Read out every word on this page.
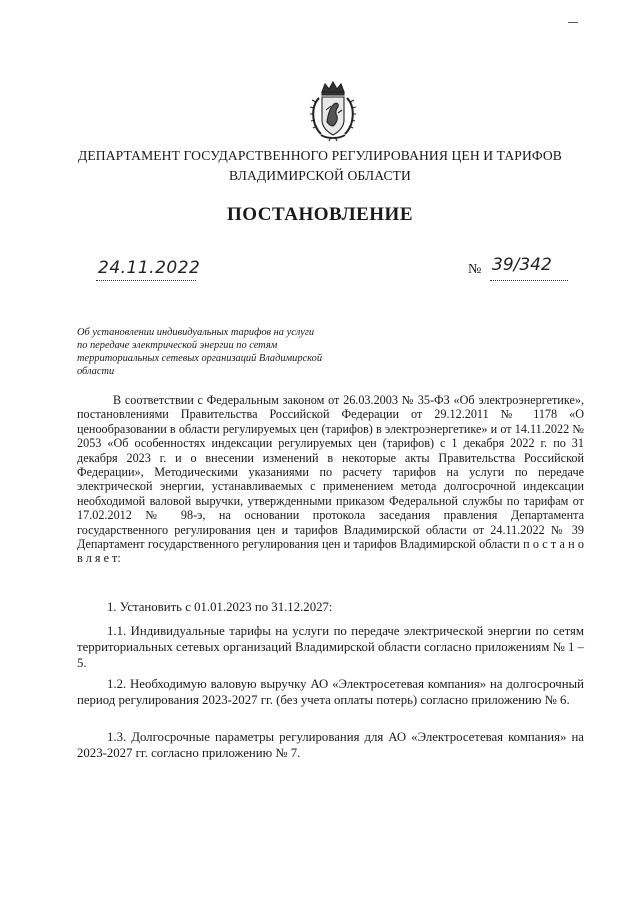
ДЕПАРТАМЕНТ ГОСУДАРСТВЕННОГО РЕГУЛИРОВАНИЯ ЦЕН И ТАРИФОВ
ВЛАДИМИРСКОЙ ОБЛАСТИ
ПОСТАНОВЛЕНИЕ
24.11.2022	№ 39/342
Об установлении индивидуальных тарифов на услуги по передаче электрической энергии по сетям территориальных сетевых организаций Владимирской области
В соответствии с Федеральным законом от 26.03.2003 № 35-ФЗ «Об электроэнергетике», постановлениями Правительства Российской Федерации от 29.12.2011 № 1178 «О ценообразовании в области регулируемых цен (тарифов) в электроэнергетике» и от 14.11.2022 № 2053 «Об особенностях индексации регулируемых цен (тарифов) с 1 декабря 2022 г. по 31 декабря 2023 г. и о внесении изменений в некоторые акты Правительства Российской Федерации», Методическими указаниями по расчету тарифов на услуги по передаче электрической энергии, устанавливаемых с применением метода долгосрочной индексации необходимой валовой выручки, утвержденными приказом Федеральной службы по тарифам от 17.02.2012 № 98-э, на основании протокола заседания правления Департамента государственного регулирования цен и тарифов Владимирской области от 24.11.2022 № 39 Департамент государственного регулирования цен и тарифов Владимирской области п о с т а н о в л я е т:
1. Установить с 01.01.2023 по 31.12.2027:
1.1. Индивидуальные тарифы на услуги по передаче электрической энергии по сетям территориальных сетевых организаций Владимирской области согласно приложениям № 1 – 5.
1.2. Необходимую валовую выручку АО «Электросетевая компания» на долгосрочный период регулирования 2023-2027 гг. (без учета оплаты потерь) согласно приложению № 6.
1.3. Долгосрочные параметры регулирования для АО «Электросетевая компания» на 2023-2027 гг. согласно приложению № 7.
